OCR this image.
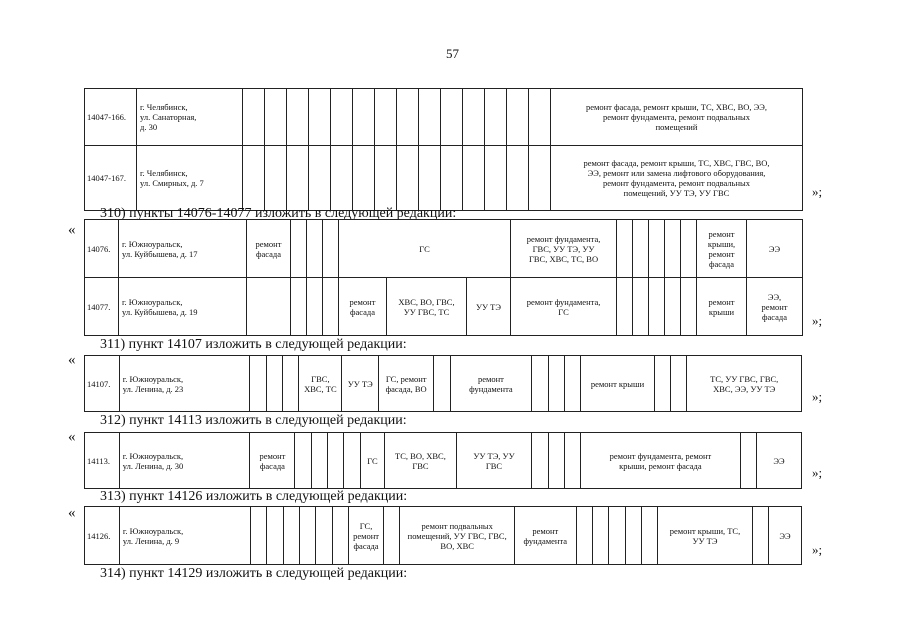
57
14047-166.	г. Челябинск,
ул. Санаторная,
д. 30															ремонт фасада, ремонт крыши, ТС, ХВС, ВО, ЭЭ,
ремонт фундамента, ремонт подвальных
помещений
14047-167.	г. Челябинск,
ул. Смирных, д. 7															ремонт фасада, ремонт крыши, ТС, ХВС, ГВС, ВО,
ЭЭ, ремонт или замена лифтового оборудования,
ремонт фундамента, ремонт подвальных
помещений, УУ ТЭ, УУ ГВС	»;
310) пункты 14076-14077 изложить в следующей редакции:
«
14076.	г. Южноуральск,
ул. Куйбышева, д. 17	ремонт
фасада				ГС			ремонт фундамента,
ГВС, УУ ТЭ, УУ
ГВС, ХВС, ТС, ВО						ремонт
крыши,
ремонт
фасада	ЭЭ
14077.	г. Южноуральск,
ул. Куйбышева, д. 19					ремонт
фасада	ХВС, ВО, ГВС,
УУ ГВС, ТС	УУ ТЭ	ремонт фундамента,
ГС						ремонт
крыши	ЭЭ,
ремонт
фасада »;
311) пункт 14107 изложить в следующей редакции:
«
14107.	г. Южноуральск,
ул. Ленина, д. 23				ГВС,
ХВС, ТС	УУ ТЭ	ГС, ремонт
фасада, ВО		ремонт
фундамента				ремонт крыши			ТС, УУ ГВС, ГВС,
ХВС, ЭЭ, УУ ТЭ
»;
312) пункт 14113 изложить в следующей редакции:
«
14113.	г. Южноуральск,
ул. Ленина, д. 30	ремонт
фасада					ГС	ТС, ВО, ХВС,
ГВС	УУ ТЭ, УУ
ГВС				ремонт фундамента, ремонт
крыши, ремонт фасада		ЭЭ
»;
313) пункт 14126 изложить в следующей редакции:
«
14126.	г. Южноуральск,
ул. Ленина, д. 9							ГС,
ремонт
фасада		ремонт подвальных
помещений, УУ ГВС, ГВС,
ВО, ХВС	ремонт
фундамента						ремонт крыши, ТС,
УУ ТЭ		ЭЭ
»;
314) пункт 14129 изложить в следующей редакции:
